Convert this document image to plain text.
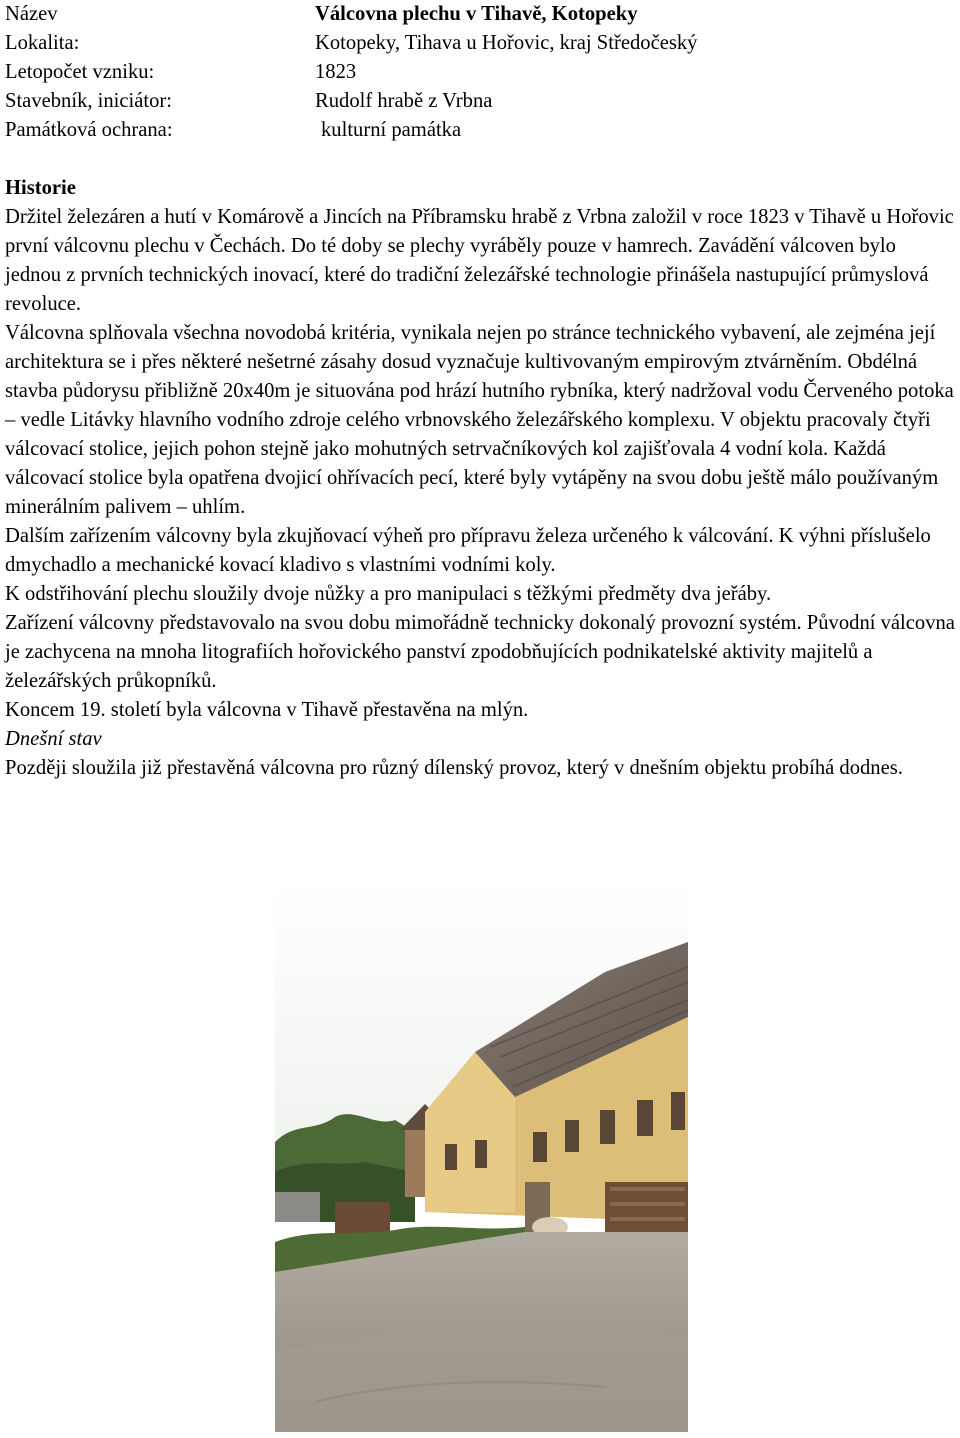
Název	Válcovna plechu v Tihavě, Kotopeky
Lokalita:	Kotopeky, Tihava u Hořovic, kraj Středočeský
Letopočet vzniku:	1823
Stavebník, iniciátor:	Rudolf hrabě z Vrbna
Památková ochrana:	kulturní památka
Historie

Držitel železáren a hutí v Komárově a Jincích na Příbramsku hrabě z Vrbna založil v roce 1823 v Tihavě u Hořovic první válcovnu plechu v Čechách. Do té doby se plechy vyráběly pouze v hamrech. Zavádění válcoven bylo jednou z prvních technických inovací, které do tradiční železářské technologie přinášela nastupující průmyslová revoluce.

Válcovna splňovala všechna novodobá kritéria, vynikala nejen po stránce technického vybavení, ale zejména její architektura se i přes některé nešetrné zásahy dosud vyznačuje kultivovaným empirovým ztvárněním. Obdélná stavba půdorysu přibližně 20x40m je situována pod hrází hutního rybníka, který nadržoval vodu Červeného potoka – vedle Litávky hlavního vodního zdroje celého vrbnovského železářského komplexu. V objektu pracovaly čtyři válcovací stolice, jejich pohon stejně jako mohutných setrvačníkových kol zajišťovala 4 vodní kola. Každá válcovací stolice byla opatřena dvojicí ohřívacích pecí, které byly vytápěny na svou dobu ještě málo používaným minerálním palivem – uhlím.

Dalším zařízením válcovny byla zkujňovací výheň pro přípravu železa určeného k válcování. K výhni příslušelo dmychadlo a mechanické kovací kladivo s vlastními vodními koly.

K odstřihování plechu sloužily dvoje nůžky a pro manipulaci s těžkými předměty dva jeřáby.

Zařízení válcovny představovalo na svou dobu mimořádně technicky dokonalý provozní systém. Původní válcovna je zachycena na mnoha litografiích hořovického panství zpodobňujících podnikatelské aktivity majitelů a železářských průkopníků.

Koncem 19. století byla válcovna v Tihavě přestavěna na mlýn.

Dnešní stav

Později sloužila již přestavěná válcovna pro různý dílenský provoz, který v dnešním objektu probíhá dodnes.
